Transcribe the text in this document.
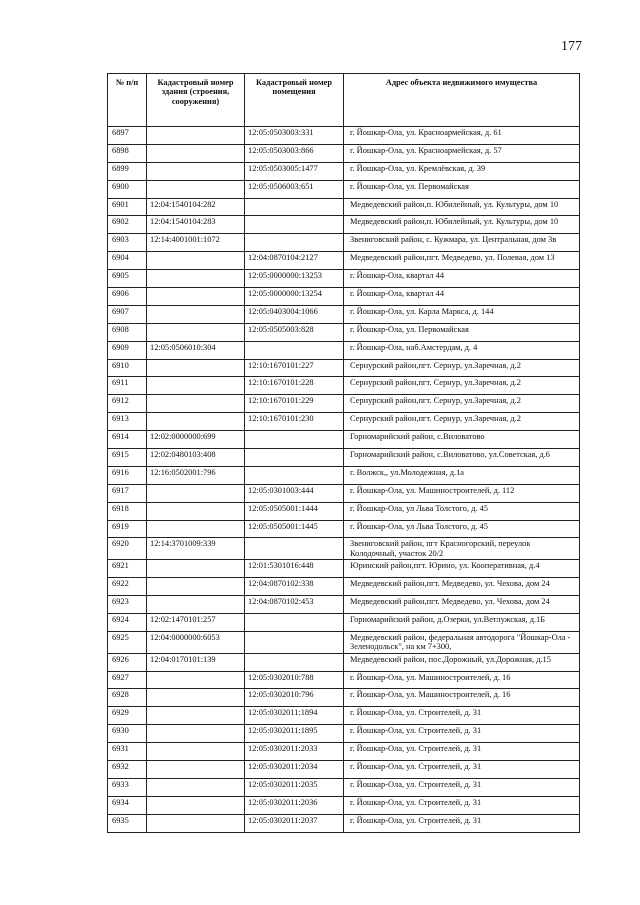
177
№ п/п	Кадастровый номер здания (строения, сооружения)	Кадастровый номер помещения	Адрес объекта недвижимого имущества
6897		12:05:0503003:331	г. Йошкар-Ола, ул. Красноармейская, д. 61
6898		12:05:0503003:866	г. Йошкар-Ола, ул. Красноармейская, д. 57
6899		12:05:0503005:1477	г. Йошкар-Ола, ул. Кремлёвская, д. 39
6900		12:05:0506003:651	г. Йошкар-Ола, ул. Первомайская
6901	12:04:1540104:282		Медведевский район,п. Юбилейный, ул. Культуры, дом 10
6902	12:04:1540104:283		Медведевский район,п. Юбилейный, ул. Культуры, дом 10
6903	12:14:4001001:1072		Звениговский район, с. Кужмара, ул. Центральная, дом 3в
6904		12:04:0870104:2127	Медведевский район,пгт. Медведево, ул. Полевая, дом 13
6905		12:05:0000000:13253	г. Йошкар-Ола, квартал 44
6906		12:05:0000000:13254	г. Йошкар-Ола, квартал 44
6907		12:05:0403004:1066	г. Йошкар-Ола, ул. Карла Маркса, д. 144
6908		12:05:0505003:828	г. Йошкар-Ола, ул. Первомайская
6909	12:05:0506010:304		г. Йошкар-Ола, наб.Амстердам, д. 4
6910		12:10:1670101:227	Сернурский район,пгт. Сернур, ул.Заречная, д.2
6911		12:10:1670101:228	Сернурский район,пгт. Сернур, ул.Заречная, д.2
6912		12:10:1670101:229	Сернурский район,пгт. Сернур, ул.Заречная, д.2
6913		12:10:1670101:230	Сернурский район,пгт. Сернур, ул.Заречная, д.2
6914	12:02:0000000:699		Горномарийский район, с.Виловатово
6915	12:02:0480103:408		Горномарийский район, с.Виловатово, ул.Советская, д.6
6916	12:16:0502001:796		г. Волжск,, ул.Молодежная, д.1а
6917		12:05:0301003:444	г. Йошкар-Ола, ул. Машиностроителей, д. 112
6918		12:05:0505001:1444	г. Йошкар-Ола, ул Льва Толстого, д. 45
6919		12:05:0505001:1445	г. Йошкар-Ола, ул Льва Толстого, д. 45
6920	12:14:3701009:339		Звениговский район, пгт Красногорский, переулок Колодочный, участок 20/2
6921		12:01:5301016:448	Юринский район,пгт. Юрино, ул. Кооперативная, д.4
6922		12:04:0870102:338	Медведевский район,пгт. Медведево, ул. Чехова, дом 24
6923		12:04:0870102:453	Медведевский район,пгт. Медведево, ул. Чехова, дом 24
6924	12:02:1470101:257		Горномарийский район, д.Озерки, ул.Ветлужская, д.1Б
6925	12:04:0000000:6053		Медведевский район, федеральная автодорога "Йошкар-Ола - Зеленодольск", на км 7+300,
6926	12:04:0170101:139		Медведевский район, пос.Дорожный, ул.Дорожная, д.15
6927		12:05:0302010:788	г. Йошкар-Ола, ул. Машиностроителей, д. 16
6928		12:05:0302010:796	г. Йошкар-Ола, ул. Машиностроителей, д. 16
6929		12:05:0302011:1894	г. Йошкар-Ола, ул. Строителей, д. 31
6930		12:05:0302011:1895	г. Йошкар-Ола, ул. Строителей, д. 31
6931		12:05:0302011:2033	г. Йошкар-Ола, ул. Строителей, д. 31
6932		12:05:0302011:2034	г. Йошкар-Ола, ул. Строителей, д. 31
6933		12:05:0302011:2035	г. Йошкар-Ола, ул. Строителей, д. 31
6934		12:05:0302011:2036	г. Йошкар-Ола, ул. Строителей, д. 31
6935		12:05:0302011:2037	г. Йошкар-Ола, ул. Строителей, д. 31
